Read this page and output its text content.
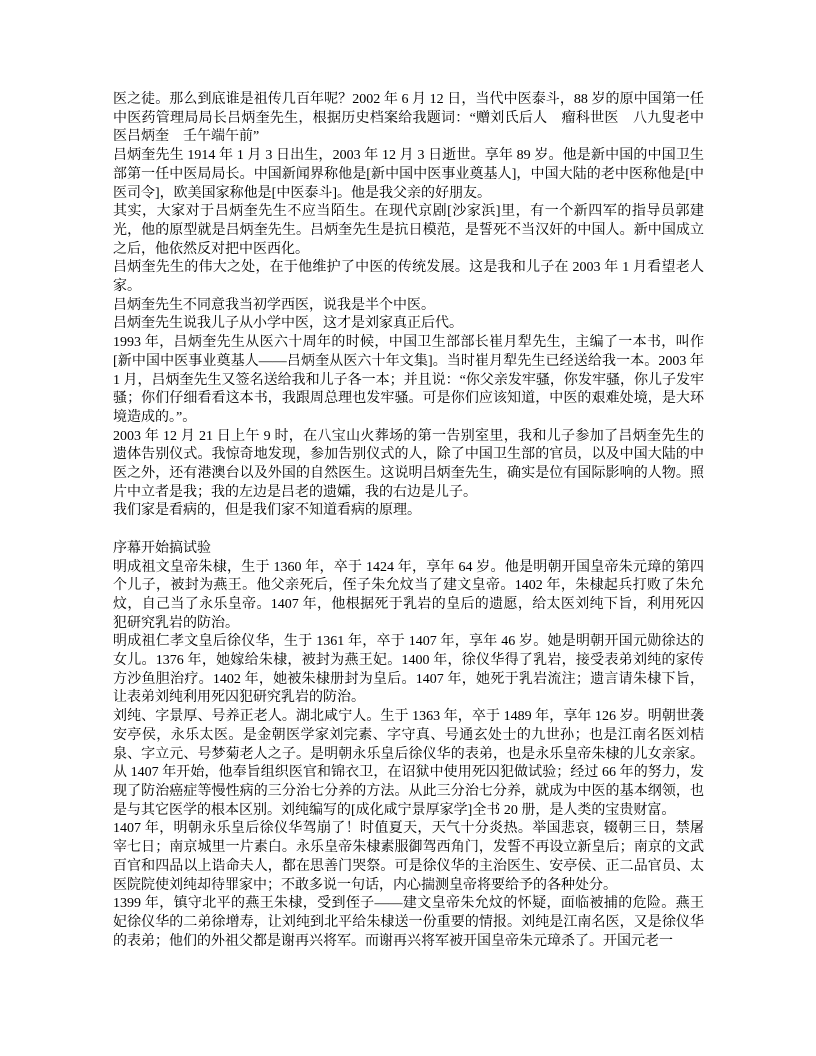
医之徒。那么到底谁是祖传几百年呢？2002 年 6 月 12 日，当代中医泰斗，88 岁的原中国第一任中医药管理局局长吕炳奎先生，根据历史档案给我题词：“赠刘氏后人　瘤科世医　八九叟老中医吕炳奎　壬午端午前”

吕炳奎先生 1914 年 1 月 3 日出生，2003 年 12 月 3 日逝世。享年 89 岁。他是新中国的中国卫生部第一任中医局局长。中国新闻界称他是[新中国中医事业奠基人]，中国大陆的老中医称他是[中医司令]，欧美国家称他是[中医泰斗]。他是我父亲的好朋友。

其实，大家对于吕炳奎先生不应当陌生。在现代京剧[沙家浜]里，有一个新四军的指导员郭建光，他的原型就是吕炳奎先生。吕炳奎先生是抗日模范，是誓死不当汉奸的中国人。新中国成立之后，他依然反对把中医西化。

吕炳奎先生的伟大之处，在于他维护了中医的传统发展。这是我和儿子在 2003 年 1 月看望老人家。

吕炳奎先生不同意我当初学西医，说我是半个中医。

吕炳奎先生说我儿子从小学中医，这才是刘家真正后代。

1993 年，吕炳奎先生从医六十周年的时候，中国卫生部部长崔月犁先生，主编了一本书，叫作[新中国中医事业奠基人——吕炳奎从医六十年文集]。当时崔月犁先生已经送给我一本。2003 年 1 月，吕炳奎先生又签名送给我和儿子各一本；并且说：“你父亲发牢骚，你发牢骚，你儿子发牢骚；你们仔细看看这本书，我跟周总理也发牢骚。可是你们应该知道，中医的艰难处境，是大环境造成的。”。

2003 年 12 月 21 日上午 9 时，在八宝山火葬场的第一告别室里，我和儿子参加了吕炳奎先生的遗体告别仪式。我惊奇地发现，参加告别仪式的人，除了中国卫生部的官员，以及中国大陆的中医之外，还有港澳台以及外国的自然医生。这说明吕炳奎先生，确实是位有国际影响的人物。照片中立者是我；我的左边是吕老的遗孀，我的右边是儿子。

我们家是看病的，但是我们家不知道看病的原理。

序幕开始搞试验

明成祖文皇帝朱棣，生于 1360 年，卒于 1424 年，享年 64 岁。他是明朝开国皇帝朱元璋的第四个儿子，被封为燕王。他父亲死后，侄子朱允炆当了建文皇帝。1402 年，朱棣起兵打败了朱允炆，自己当了永乐皇帝。1407 年，他根据死于乳岩的皇后的遗愿，给太医刘纯下旨，利用死囚犯研究乳岩的防治。

明成祖仁孝文皇后徐仪华，生于 1361 年，卒于 1407 年，享年 46 岁。她是明朝开国元勋徐达的女儿。1376 年，她嫁给朱棣，被封为燕王妃。1400 年，徐仪华得了乳岩，接受表弟刘纯的家传方沙鱼胆治疗。1402 年，她被朱棣册封为皇后。1407 年，她死于乳岩流注；遗言请朱棣下旨，让表弟刘纯利用死囚犯研究乳岩的防治。

刘纯、字景厚、号养正老人。湖北咸宁人。生于 1363 年，卒于 1489 年，享年 126 岁。明朝世袭安亭侯，永乐太医。是金朝医学家刘完素、字守真、号通玄处士的九世孙；也是江南名医刘桔泉、字立元、号梦菊老人之子。是明朝永乐皇后徐仪华的表弟，也是永乐皇帝朱棣的儿女亲家。从 1407 年开始，他奉旨组织医官和锦衣卫，在诏狱中使用死囚犯做试验；经过 66 年的努力，发现了防治癌症等慢性病的三分治七分养的方法。从此三分治七分养，就成为中医的基本纲领，也是与其它医学的根本区别。刘纯编写的[成化咸宁景厚家学]全书 20 册，是人类的宝贵财富。

1407 年，明朝永乐皇后徐仪华驾崩了！时值夏天，天气十分炎热。举国悲哀，辍朝三日，禁屠宰七日；南京城里一片素白。永乐皇帝朱棣素服御驾西角门，发誓不再设立新皇后；南京的文武百官和四品以上诰命夫人，都在思善门哭祭。可是徐仪华的主治医生、安亭侯、正二品官员、太医院院使刘纯却待罪家中；不敢多说一句话，内心揣测皇帝将要给予的各种处分。

1399 年，镇守北平的燕王朱棣，受到侄子——建文皇帝朱允炆的怀疑，面临被捕的危险。燕王妃徐仪华的二弟徐增寿，让刘纯到北平给朱棣送一份重要的情报。刘纯是江南名医，又是徐仪华的表弟；他们的外祖父都是谢再兴将军。而谢再兴将军被开国皇帝朱元璋杀了。开国元老一
